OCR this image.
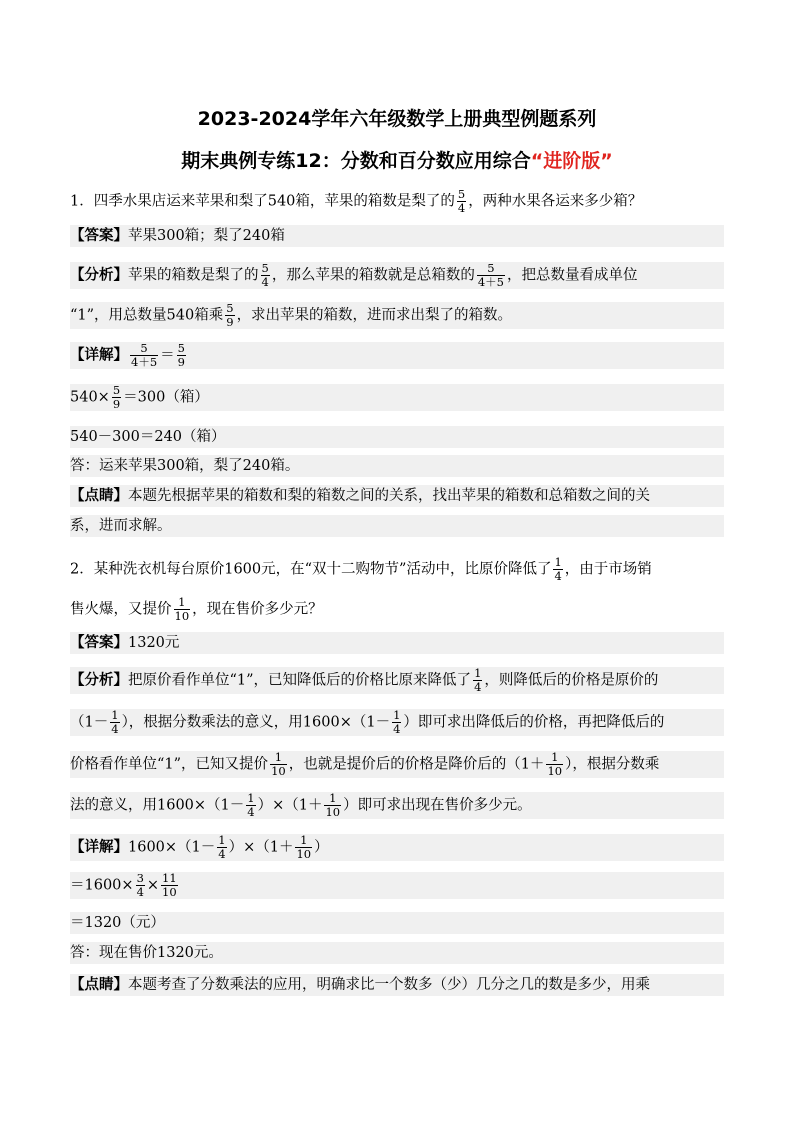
2023-2024学年六年级数学上册典型例题系列
期末典例专练12：分数和百分数应用综合“进阶版”
1．四季水果店运来苹果和梨了540箱，苹果的箱数是梨了的 $\frac{5}{4}$ ，两种水果各运来多少箱？
【答案】苹果300箱；梨了240箱
【分析】苹果的箱数是梨了的 $\frac{5}{4}$ ，那么苹果的箱数就是总箱数的 $\frac{5}{4+5}$ ，把总数量看成单位
“1”，用总数量540箱乘 $\frac{5}{9}$ ，求出苹果的箱数，进而求出梨了的箱数。
【详解】 $\frac{5}{4+5} = \frac{5}{9}$
$540\times \frac{5}{9} =300$（箱）
540－300＝240（箱）
答：运来苹果300箱，梨了240箱。
【点睛】本题先根据苹果的箱数和梨的箱数之间的关系，找出苹果的箱数和总箱数之间的关
系，进而求解。
2．某种洗衣机每台原价1600元，在“双十二购物节”活动中，比原价降低了 $\frac{1}{4}$ ，由于市场销
售火爆，又提价 $\frac{1}{10}$ ，现在售价多少元？
【答案】1320元
【分析】把原价看作单位“1”，已知降低后的价格比原来降低了 $\frac{1}{4}$ ，则降低后的价格是原价的
（$1- \frac{1}{4}$ ），根据分数乘法的意义，用$1600\times(1- \frac{1}{4}$ ）即可求出降低后的价格，再把降低后的
价格看作单位“1”，已知又提价 $\frac{1}{10}$ ，也就是提价后的价格是降价后的（$1+ \frac{1}{10}$ ），根据分数乘
法的意义，用$1600\times(1- \frac{1}{4} )\times(1+ \frac{1}{10}$ ）即可求出现在售价多少元。
【详解】$1600\times(1- \frac{1}{4} )\times(1+ \frac{1}{10}$ ）
$=1600\times \frac{3}{4} \times \frac{11}{10}$
＝1320（元）
答：现在售价1320元。
【点睛】本题考查了分数乘法的应用，明确求比一个数多（少）几分之几的数是多少，用乘
